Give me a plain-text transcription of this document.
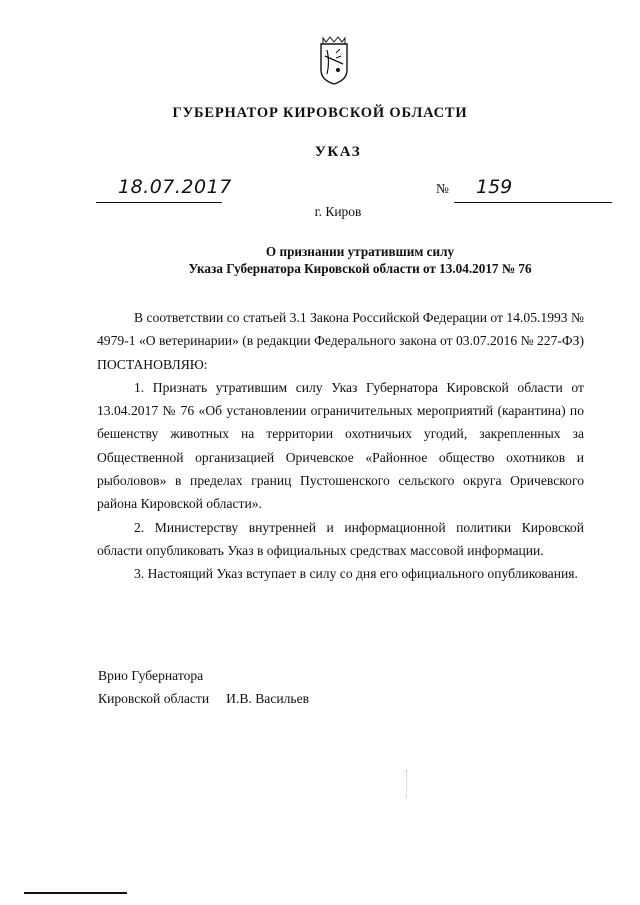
ГУБЕРНАТОР КИРОВСКОЙ ОБЛАСТИ
УКАЗ
18.07.2017	№ 159
г. Киров
О признании утратившим силу
Указа Губернатора Кировской области от 13.04.2017 № 76

В соответствии со статьей 3.1 Закона Российской Федерации от 14.05.1993 № 4979-1 «О ветеринарии» (в редакции Федерального закона от 03.07.2016 № 227-ФЗ) ПОСТАНОВЛЯЮ:

1. Признать утратившим силу Указ Губернатора Кировской области от 13.04.2017 № 76 «Об установлении ограничительных мероприятий (карантина) по бешенству животных на территории охотничьих угодий, закрепленных за Общественной организацией Оричевское «Районное общество охотников и рыболовов» в пределах границ Пустошенского сельского округа Оричевского района Кировской области».

2. Министерству внутренней и информационной политики Кировской области опубликовать Указ в официальных средствах массовой информации.

3. Настоящий Указ вступает в силу со дня его официального опубликования.

Врио Губернатора
Кировской области И.В. Васильев
